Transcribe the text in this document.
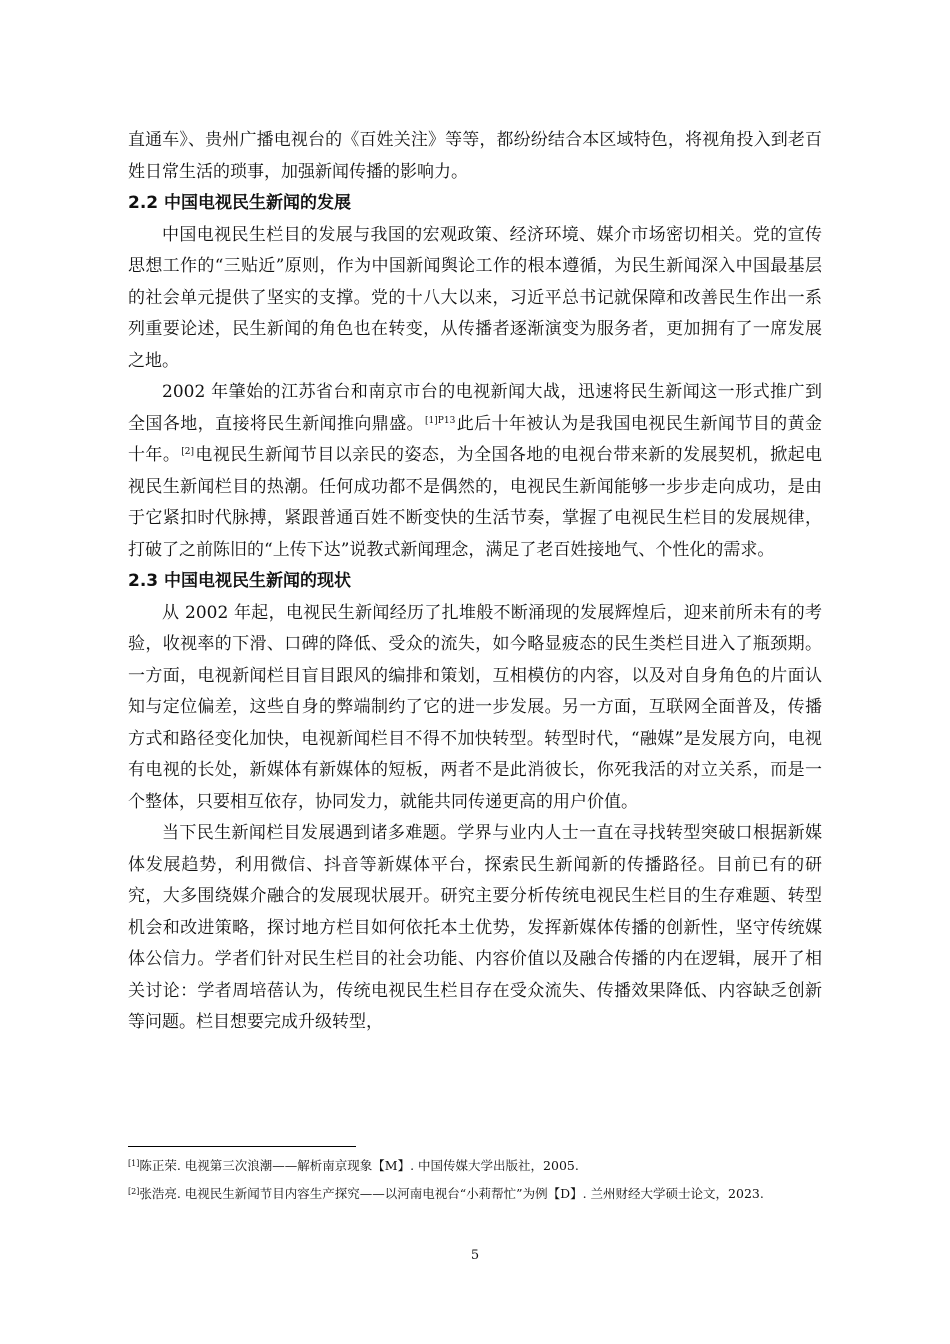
直通车》、贵州广播电视台的《百姓关注》等等，都纷纷结合本区域特色，将视角投入到老百姓日常生活的琐事，加强新闻传播的影响力。

2.2 中国电视民生新闻的发展

中国电视民生栏目的发展与我国的宏观政策、经济环境、媒介市场密切相关。党的宣传思想工作的“三贴近”原则，作为中国新闻舆论工作的根本遵循，为民生新闻深入中国最基层的社会单元提供了坚实的支撑。党的十八大以来，习近平总书记就保障和改善民生作出一系列重要论述，民生新闻的角色也在转变，从传播者逐渐演变为服务者，更加拥有了一席发展之地。

2002 年肇始的江苏省台和南京市台的电视新闻大战，迅速将民生新闻这一形式推广到全国各地，直接将民生新闻推向鼎盛。$^{[1]P13}$此后十年被认为是我国电视民生新闻节目的黄金十年。[2]电视民生新闻节目以亲民的姿态，为全国各地的电视台带来新的发展契机，掀起电视民生新闻栏目的热潮。任何成功都不是偶然的，电视民生新闻能够一步步走向成功，是由于它紧扣时代脉搏，紧跟普通百姓不断变快的生活节奏，掌握了电视民生栏目的发展规律，打破了之前陈旧的“上传下达”说教式新闻理念，满足了老百姓接地气、个性化的需求。

2.3 中国电视民生新闻的现状

从 2002 年起，电视民生新闻经历了扎堆般不断涌现的发展辉煌后，迎来前所未有的考验，收视率的下滑、口碑的降低、受众的流失，如今略显疲态的民生类栏目进入了瓶颈期。一方面，电视新闻栏目盲目跟风的编排和策划，互相模仿的内容，以及对自身角色的片面认知与定位偏差，这些自身的弊端制约了它的进一步发展。另一方面，互联网全面普及，传播方式和路径变化加快，电视新闻栏目不得不加快转型。转型时代，“融媒”是发展方向，电视有电视的长处，新媒体有新媒体的短板，两者不是此消彼长，你死我活的对立关系，而是一个整体，只要相互依存，协同发力，就能共同传递更高的用户价值。

当下民生新闻栏目发展遇到诸多难题。学界与业内人士一直在寻找转型突破口根据新媒体发展趋势，利用微信、抖音等新媒体平台，探索民生新闻新的传播路径。目前已有的研究，大多围绕媒介融合的发展现状展开。研究主要分析传统电视民生栏目的生存难题、转型机会和改进策略，探讨地方栏目如何依托本土优势，发挥新媒体传播的创新性，坚守传统媒体公信力。学者们针对民生栏目的社会功能、内容价值以及融合传播的内在逻辑，展开了相关讨论：学者周培蓓认为，传统电视民生栏目存在受众流失、传播效果降低、内容缺乏创新等问题。栏目想要完成升级转型，

[1]陈正荣. 电视第三次浪潮——解析南京现象【M】. 中国传媒大学出版社，2005.
[2]张浩亮. 电视民生新闻节目内容生产探究——以河南电视台“小莉帮忙”为例【D】. 兰州财经大学硕士论文，2023.
5
